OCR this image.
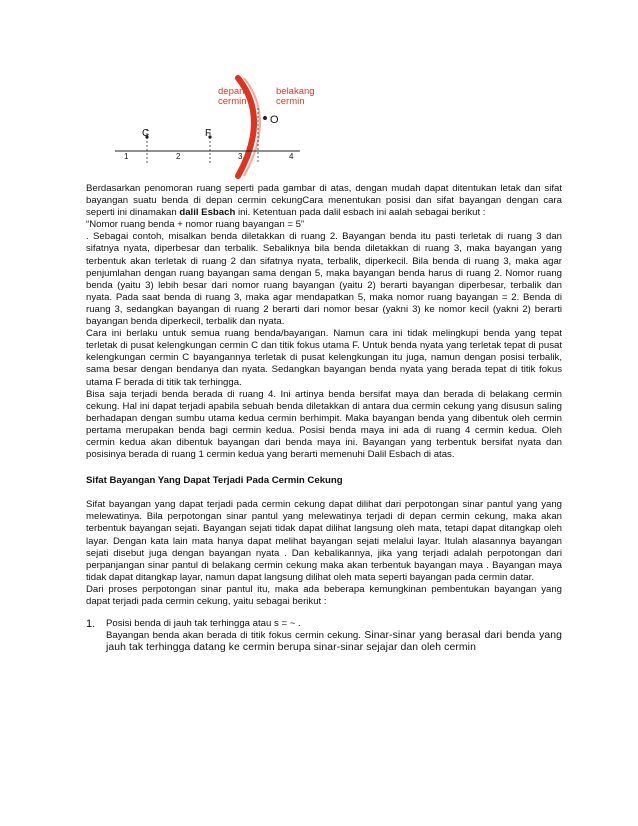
C	F
O
1	2	3	4
depan
cermin
belakang
cermin

Berdasarkan penomoran ruang seperti pada gambar di atas, dengan mudah dapat ditentukan letak dan sifat bayangan suatu benda di depan cermin cekungCara menentukan posisi dan sifat bayangan dengan cara seperti ini dinamakan dalil Esbach ini. Ketentuan pada dalil esbach ini aalah sebagai berikut :

“Nomor ruang benda + nomor ruang bayangan = 5”

. Sebagai contoh, misalkan benda diletakkan di ruang 2. Bayangan benda itu pasti terletak di ruang 3 dan sifatnya nyata, diperbesar dan terbalik. Sebaliknya bila benda diletakkan di ruang 3, maka bayangan yang terbentuk akan terletak di ruang 2 dan sifatnya nyata, terbalik, diperkecil. Bila benda di ruang 3, maka agar penjumlahan dengan ruang bayangan sama dengan 5, maka bayangan benda harus di ruang 2. Nomor ruang benda (yaitu 3) lebih besar dari nomor ruang bayangan (yaitu 2) berarti bayangan diperbesar, terbalik dan nyata. Pada saat benda di ruang 3, maka agar mendapatkan 5, maka nomor ruang bayangan = 2. Benda di ruang 3, sedangkan bayangan di ruang 2 berarti dari nomor besar (yakni 3) ke nomor kecil (yakni 2) berarti bayangan benda diperkecil, terbalik dan nyata.

Cara ini berlaku untuk semua ruang benda/bayangan. Namun cara ini tidak melingkupi benda yang tepat terletak di pusat kelengkungan cermin C dan titik fokus utama F. Untuk benda nyata yang terletak tepat di pusat kelengkungan cermin C bayangannya terletak di pusat kelengkungan itu juga, namun dengan posisi terbalik, sama besar dengan bendanya dan nyata. Sedangkan bayangan benda nyata yang berada tepat di titik fokus utama F berada di titik tak terhingga.

Bisa saja terjadi benda berada di ruang 4. Ini artinya benda bersifat maya dan berada di belakang cermin cekung. Hal ini dapat terjadi apabila sebuah benda diletakkan di antara dua cermin cekung yang disusun saling berhadapan dengan sumbu utama kedua cermin berhimpit. Maka bayangan benda yang dibentuk oleh cermin pertama merupakan benda bagi cermin kedua. Posisi benda maya ini ada di ruang 4 cermin kedua. Oleh cermin kedua akan dibentuk bayangan dari benda maya ini. Bayangan yang terbentuk bersifat nyata dan posisinya berada di ruang 1 cermin kedua yang berarti memenuhi Dalil Esbach di atas.

Sifat Bayangan Yang Dapat Terjadi Pada Cermin Cekung

Sifat bayangan yang dapat terjadi pada cermin cekung dapat dilihat dari perpotongan sinar pantul yang yang melewatinya. Bila perpotongan sinar pantul yang melewatinya terjadi di depan cermin cekung, maka akan terbentuk bayangan sejati. Bayangan sejati tidak dapat dilihat langsung oleh mata, tetapi dapat ditangkap oleh layar. Dengan kata lain mata hanya dapat melihat bayangan sejati melalui layar. Itulah alasannya bayangan sejati disebut juga dengan bayangan nyata . Dan kebalikannya, jika yang terjadi adalah perpotongan dari perpanjangan sinar pantul di belakang cermin cekung maka akan terbentuk bayangan maya . Bayangan maya tidak dapat ditangkap layar, namun dapat langsung dilihat oleh mata seperti bayangan pada cermin datar.

Dari proses perpotongan sinar pantul itu, maka ada beberapa kemungkinan pembentukan bayangan yang dapat terjadi pada cermin cekung, yaitu sebagai berikut :

1.	Posisi benda di jauh tak terhingga atau s = ~ .

Bayangan benda akan berada di titik fokus cermin cekung. Sinar-sinar yang berasal dari benda yang jauh tak terhingga datang ke cermin berupa sinar-sinar sejajar dan oleh cermin
